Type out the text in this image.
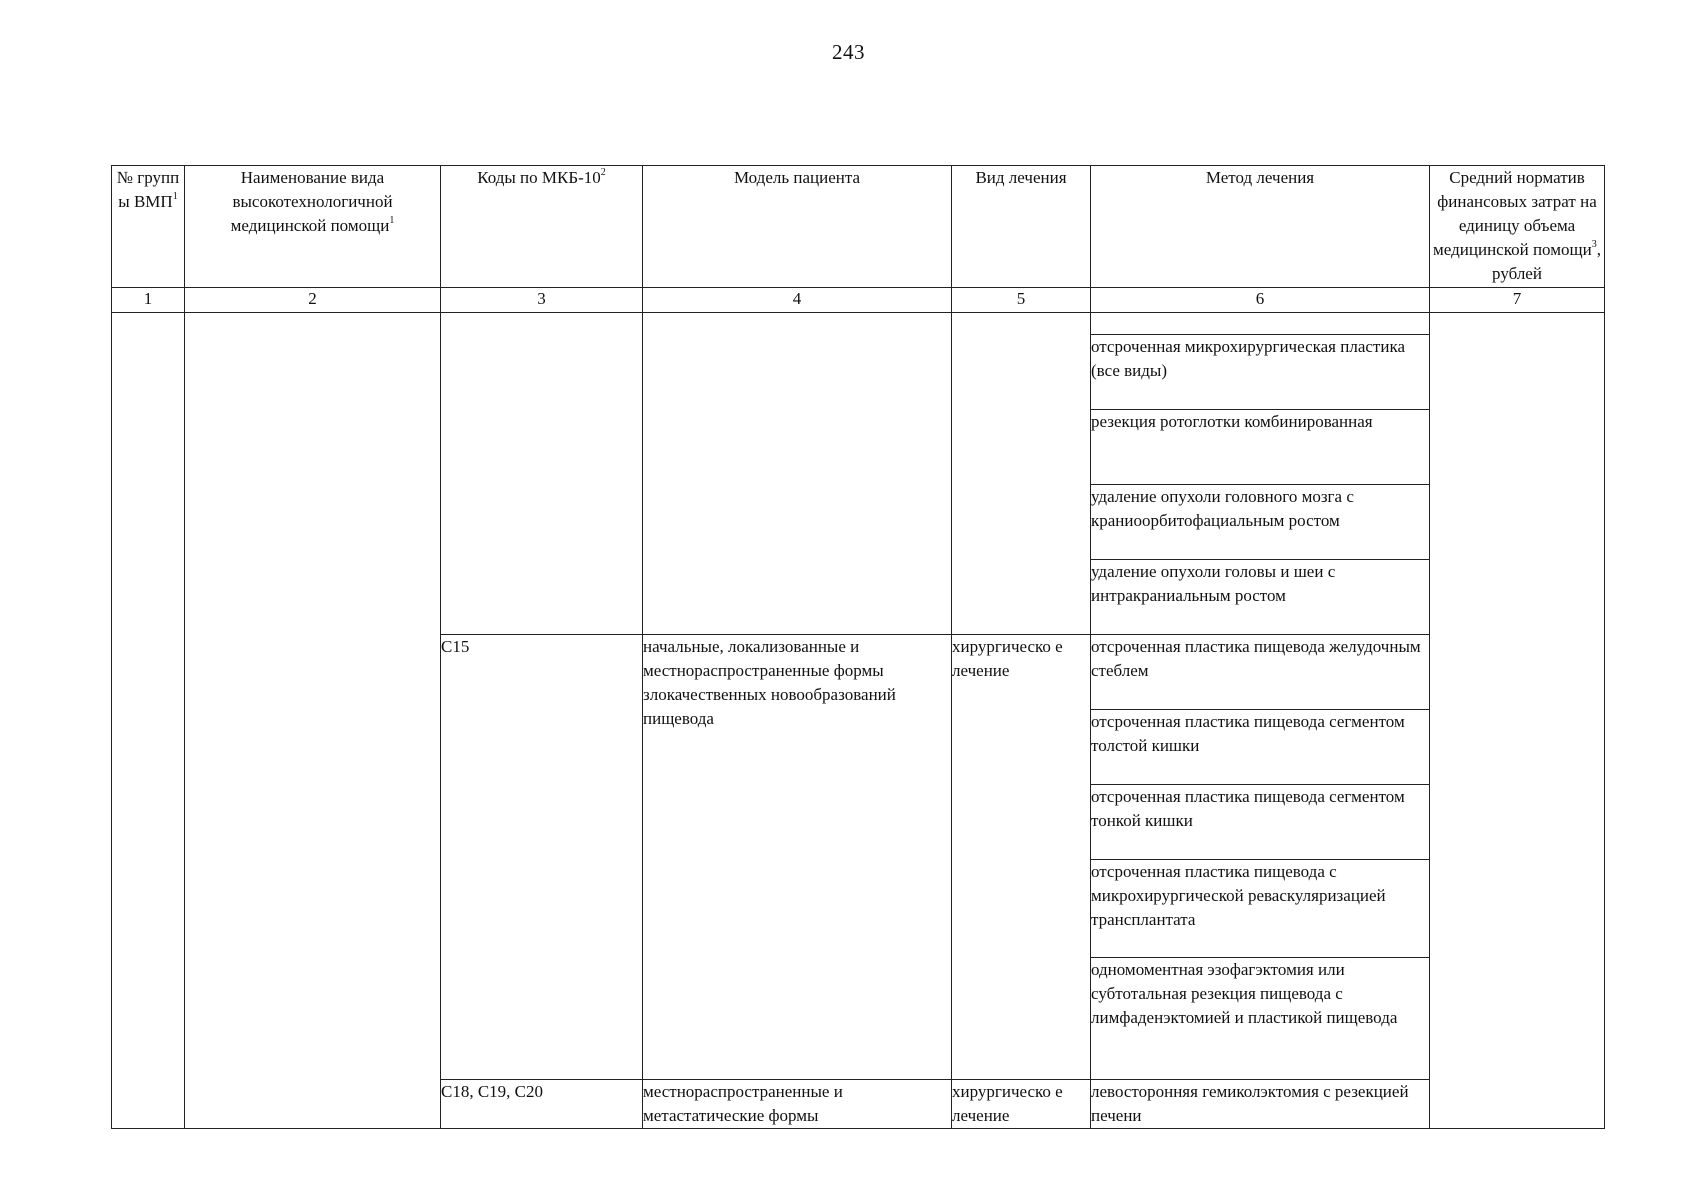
243
№ групп ы ВМП$^1$	Наименование вида высокотехнологичной медицинской помощи$^1$	Коды по МКБ-$10^2$	Модель пациента	Вид лечения	Метод лечения	Средний норматив финансовых затрат на единицу объема медицинской помощи$^3$, рублей
1	2	3	4	5	6	7

					отсроченная микрохирургическая пластика (все виды)	
					резекция ротоглотки комбинированная	
					удаление опухоли головного мозга с краниоорбитофациальным ростом	
					удаление опухоли головы и шеи с интракраниальным ростом	
		C15	начальные, локализованные и местнораспространенные формы злокачественных новообразований пищевода	хирургическо е лечение	отсроченная пластика пищевода желудочным стеблем	
					отсроченная пластика пищевода сегментом толстой кишки	
					отсроченная пластика пищевода сегментом тонкой кишки	
					отсроченная пластика пищевода с микрохирургической реваскуляризацией трансплантата	
					одномоментная эзофагэктомия или субтотальная резекция пищевода с лимфаденэктомией и пластикой пищевода	
		C18, C19, C20	местнораспространенные и метастатические формы	хирургическо е лечение	левосторонняя гемиколэктомия с резекцией печени	
